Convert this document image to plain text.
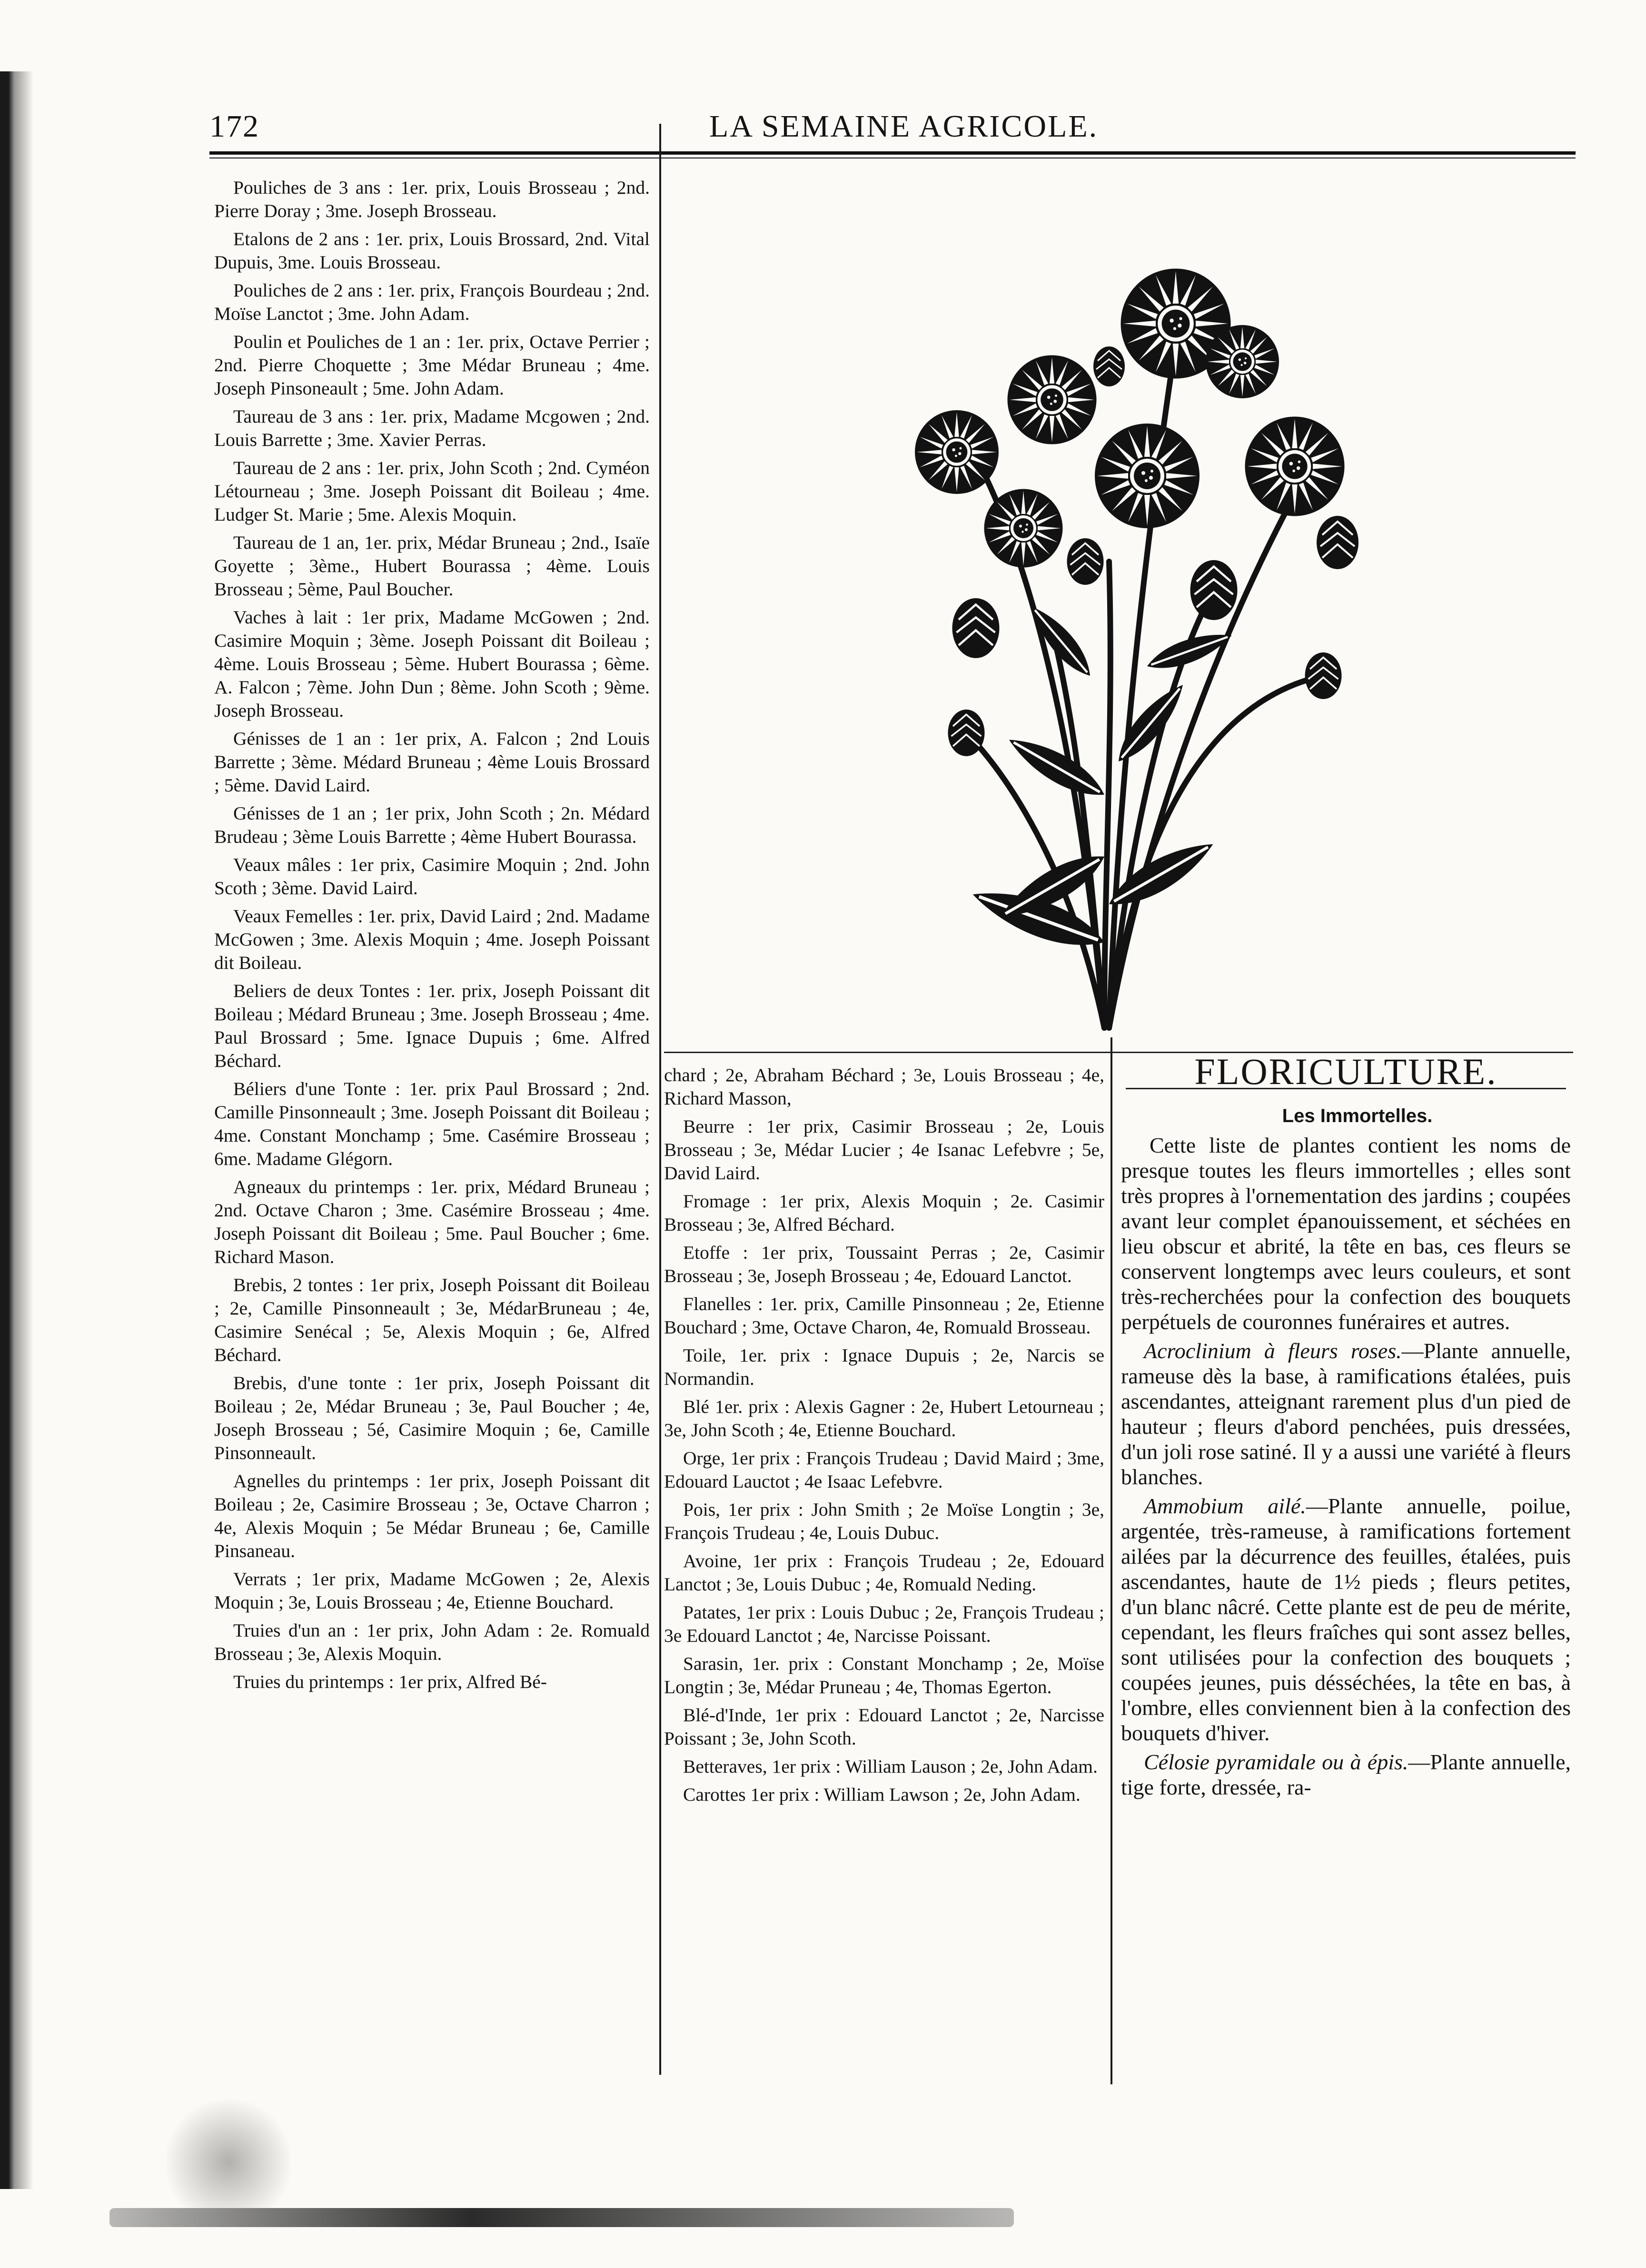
172	LA SEMAINE AGRICOLE.

Pouliches de 3 ans : 1er. prix, Louis Brosseau ; 2nd. Pierre Doray ; 3me. Joseph Brosseau.

Etalons de 2 ans : 1er. prix, Louis Brossard, 2nd. Vital Dupuis, 3me. Louis Brosseau.

Pouliches de 2 ans : 1er. prix, François Bourdeau ; 2nd. Moïse Lanctot ; 3me. John Adam.

Poulin et Pouliches de 1 an : 1er. prix, Octave Perrier ; 2nd. Pierre Choquette ; 3me Médar Bruneau ; 4me. Joseph Pinsoneault ; 5me. John Adam.

Taureau de 3 ans : 1er. prix, Madame Mcgowen ; 2nd. Louis Barrette ; 3me. Xavier Perras.

Taureau de 2 ans : 1er. prix, John Scoth ; 2nd. Cyméon Létourneau ; 3me. Joseph Poissant dit Boileau ; 4me. Ludger St. Marie ; 5me. Alexis Moquin.

Taureau de 1 an, 1er. prix, Médar Bruneau ; 2nd., Isaïe Goyette ; 3ème., Hubert Bourassa ; 4ème. Louis Brosseau ; 5ème, Paul Boucher.

Vaches à lait : 1er prix, Madame McGowen ; 2nd. Casimire Moquin ; 3ème. Joseph Poissant dit Boileau ; 4ème. Louis Brosseau ; 5ème. Hubert Bourassa ; 6ème. A. Falcon ; 7ème. John Dun ; 8ème. John Scoth ; 9ème. Joseph Brosseau.

Génisses de 1 an : 1er prix, A. Falcon ; 2nd Louis Barrette ; 3ème. Médard Bruneau ; 4ème Louis Brossard ; 5ème. David Laird.

Génisses de 1 an ; 1er prix, John Scoth ; 2n. Médard Brudeau ; 3ème Louis Barrette ; 4ème Hubert Bourassa.

Veaux mâles : 1er prix, Casimire Moquin ; 2nd. John Scoth ; 3ème. David Laird.

Veaux Femelles : 1er. prix, David Laird ; 2nd. Madame McGowen ; 3me. Alexis Moquin ; 4me. Joseph Poissant dit Boileau.

Beliers de deux Tontes : 1er. prix, Joseph Poissant dit Boileau ; Médard Bruneau ; 3me. Joseph Brosseau ; 4me. Paul Brossard ; 5me. Ignace Dupuis ; 6me. Alfred Béchard.

Béliers d'une Tonte : 1er. prix Paul Brossard ; 2nd. Camille Pinsonneault ; 3me. Joseph Poissant dit Boileau ; 4me. Constant Monchamp ; 5me. Casémire Brosseau ; 6me. Madame Glégorn.

Agneaux du printemps : 1er. prix, Médard Bruneau ; 2nd. Octave Charon ; 3me. Casémire Brosseau ; 4me. Joseph Poissant dit Boileau ; 5me. Paul Boucher ; 6me. Richard Mason.

Brebis, 2 tontes : 1er prix, Joseph Poissant dit Boileau ; 2e, Camille Pinsonneault ; 3e, MédarBruneau ; 4e, Casimire Senécal ; 5e, Alexis Moquin ; 6e, Alfred Béchard.

Brebis, d'une tonte : 1er prix, Joseph Poissant dit Boileau ; 2e, Médar Bruneau ; 3e, Paul Boucher ; 4e, Joseph Brosseau ; 5é, Casimire Moquin ; 6e, Camille Pinsonneault.

Agnelles du printemps : 1er prix, Joseph Poissant dit Boileau ; 2e, Casimire Brosseau ; 3e, Octave Charron ; 4e, Alexis Moquin ; 5e Médar Bruneau ; 6e, Camille Pinsaneau.

Verrats ; 1er prix, Madame McGowen ; 2e, Alexis Moquin ; 3e, Louis Brosseau ; 4e, Etienne Bouchard.

Truies d'un an : 1er prix, John Adam : 2e. Romuald Brosseau ; 3e, Alexis Moquin.

Truies du printemps : 1er prix, Alfred Bé-

chard ; 2e, Abraham Béchard ; 3e, Louis Brosseau ; 4e, Richard Masson,

Beurre : 1er prix, Casimir Brosseau ; 2e, Louis Brosseau ; 3e, Médar Lucier ; 4e Isanac Lefebvre ; 5e, David Laird.

Fromage : 1er prix, Alexis Moquin ; 2e. Casimir Brosseau ; 3e, Alfred Béchard.

Etoffe : 1er prix, Toussaint Perras ; 2e, Casimir Brosseau ; 3e, Joseph Brosseau ; 4e, Edouard Lanctot.

Flanelles : 1er. prix, Camille Pinsonneau ; 2e, Etienne Bouchard ; 3me, Octave Charon, 4e, Romuald Brosseau.

Toile, 1er. prix : Ignace Dupuis ; 2e, Narcis se Normandin.

Blé 1er. prix : Alexis Gagner : 2e, Hubert Letourneau ; 3e, John Scoth ; 4e, Etienne Bouchard.

Orge, 1er prix : François Trudeau ; David Maird ; 3me, Edouard Lauctot ; 4e Isaac Lefebvre.

Pois, 1er prix : John Smith ; 2e Moïse Longtin ; 3e, François Trudeau ; 4e, Louis Dubuc.

Avoine, 1er prix : François Trudeau ; 2e, Edouard Lanctot ; 3e, Louis Dubuc ; 4e, Romuald Neding.

Patates, 1er prix : Louis Dubuc ; 2e, François Trudeau ; 3e Edouard Lanctot ; 4e, Narcisse Poissant.

Sarasin, 1er. prix : Constant Monchamp ; 2e, Moïse Longtin ; 3e, Médar Pruneau ; 4e, Thomas Egerton.

Blé-d'Inde, 1er prix : Edouard Lanctot ; 2e, Narcisse Poissant ; 3e, John Scoth.

Betteraves, 1er prix : William Lauson ; 2e, John Adam.

Carottes 1er prix : William Lawson ; 2e, John Adam.

FLORICULTURE.

Les Immortelles.

Cette liste de plantes contient les noms de presque toutes les fleurs immortelles ; elles sont très propres à l'ornementation des jardins ; coupées avant leur complet épanouissement, et séchées en lieu obscur et abrité, la tête en bas, ces fleurs se conservent longtemps avec leurs couleurs, et sont très-recherchées pour la confection des bouquets perpétuels de couronnes funéraires et autres.

Acroclinium à fleurs roses.—Plante annuelle, rameuse dès la base, à ramifications étalées, puis ascendantes, atteignant rarement plus d'un pied de hauteur ; fleurs d'abord penchées, puis dressées, d'un joli rose satiné. Il y a aussi une variété à fleurs blanches.

Ammobium ailé.—Plante annuelle, poilue, argentée, très-rameuse, à ramifications fortement ailées par la décurrence des feuilles, étalées, puis ascendantes, haute de 1½ pieds ; fleurs petites, d'un blanc nâcré. Cette plante est de peu de mérite, cependant, les fleurs fraîches qui sont assez belles, sont utilisées pour la confection des bouquets ; coupées jeunes, puis désséchées, la tête en bas, à l'ombre, elles conviennent bien à la confection des bouquets d'hiver.

Célosie pyramidale ou à épis.—Plante annuelle, tige forte, dressée, ra-
